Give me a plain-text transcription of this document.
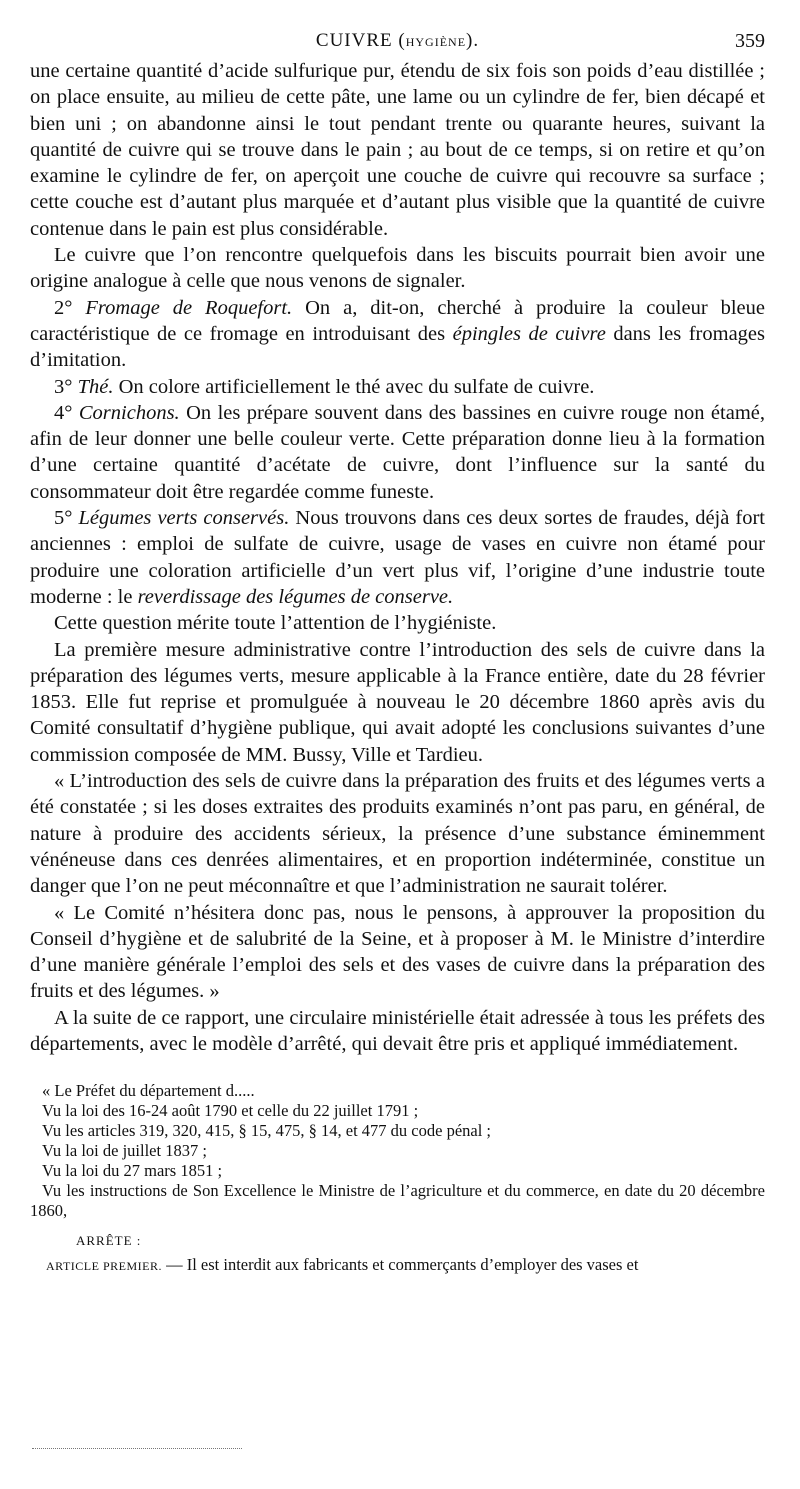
CUIVRE (HYGIÈNE).	359

une certaine quantité d’acide sulfurique pur, étendu de six fois son poids d’eau distillée ; on place ensuite, au milieu de cette pâte, une lame ou un cylindre de fer, bien décapé et bien uni ; on abandonne ainsi le tout pendant trente ou quarante heures, suivant la quantité de cuivre qui se trouve dans le pain ; au bout de ce temps, si on retire et qu’on examine le cylindre de fer, on aperçoit une couche de cuivre qui recouvre sa surface ; cette couche est d’autant plus marquée et d’autant plus visible que la quantité de cuivre contenue dans le pain est plus considérable.

Le cuivre que l’on rencontre quelquefois dans les biscuits pourrait bien avoir une origine analogue à celle que nous venons de signaler.

2° Fromage de Roquefort. On a, dit-on, cherché à produire la couleur bleue caractéristique de ce fromage en introduisant des épingles de cuivre dans les fromages d’imitation.

3° Thé. On colore artificiellement le thé avec du sulfate de cuivre.

4° Cornichons. On les prépare souvent dans des bassines en cuivre rouge non étamé, afin de leur donner une belle couleur verte. Cette préparation donne lieu à la formation d’une certaine quantité d’acétate de cuivre, dont l’influence sur la santé du consommateur doit être regardée comme funeste.

5° Légumes verts conservés. Nous trouvons dans ces deux sortes de fraudes, déjà fort anciennes : emploi de sulfate de cuivre, usage de vases en cuivre non étamé pour produire une coloration artificielle d’un vert plus vif, l’origine d’une industrie toute moderne : le reverdissage des légumes de conserve.

Cette question mérite toute l’attention de l’hygiéniste.

La première mesure administrative contre l’introduction des sels de cuivre dans la préparation des légumes verts, mesure applicable à la France entière, date du 28 février 1853. Elle fut reprise et promulguée à nouveau le 20 décembre 1860 après avis du Comité consultatif d’hygiène publique, qui avait adopté les conclusions suivantes d’une commission composée de MM. Bussy, Ville et Tardieu.

« L’introduction des sels de cuivre dans la préparation des fruits et des légumes verts a été constatée ; si les doses extraites des produits examinés n’ont pas paru, en général, de nature à produire des accidents sérieux, la présence d’une substance éminemment vénéneuse dans ces denrées alimentaires, et en proportion indéterminée, constitue un danger que l’on ne peut méconnaître et que l’administration ne saurait tolérer.

« Le Comité n’hésitera donc pas, nous le pensons, à approuver la proposition du Conseil d’hygiène et de salubrité de la Seine, et à proposer à M. le Ministre d’interdire d’une manière générale l’emploi des sels et des vases de cuivre dans la préparation des fruits et des légumes. »

A la suite de ce rapport, une circulaire ministérielle était adressée à tous les préfets des départements, avec le modèle d’arrêté, qui devait être pris et appliqué immédiatement.

« Le Préfet du département d.....

Vu la loi des 16-24 août 1790 et celle du 22 juillet 1791 ;

Vu les articles 319, 320, 415, § 15, 475, § 14, et 477 du code pénal ;

Vu la loi de juillet 1837 ;

Vu la loi du 27 mars 1851 ;

Vu les instructions de Son Excellence le Ministre de l’agriculture et du commerce, en date du 20 décembre 1860,

ARRÊTE :

ARTICLE PREMIER. — Il est interdit aux fabricants et commerçants d’employer des vases et
